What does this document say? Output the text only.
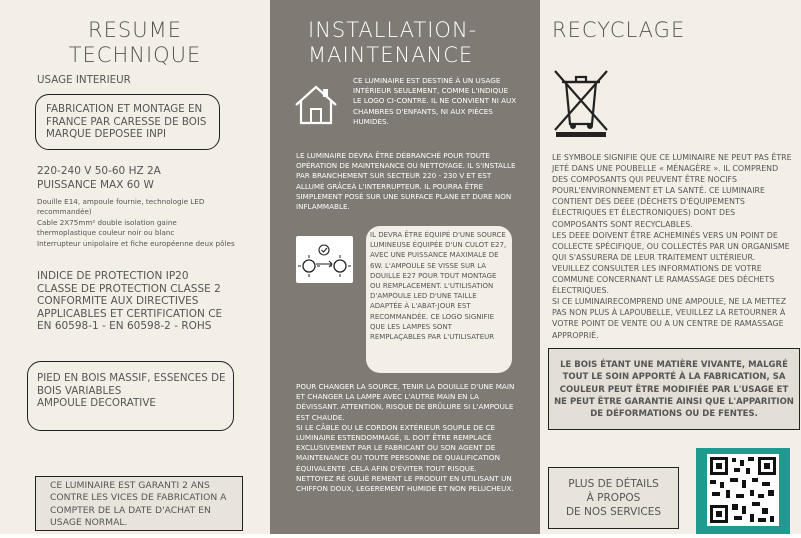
RESUME
TECHNIQUE
USAGE INTERIEUR
FABRICATION ET MONTAGE EN FRANCE PAR CARESSE DE BOIS MARQUE DEPOSEE INPI
220-240 V 50-60 HZ 2A
PUISSANCE MAX 60 W
Douille E14, ampoule fournie, technologie LED recommandée)
Cable 2X75mm² double isolation gaine thermoplastique couleur noir ou blanc
Interrupteur unipolaire et fiche européenne deux pôles
INDICE DE PROTECTION IP20
CLASSE DE PROTECTION CLASSE 2
CONFORMITE AUX DIRECTIVES APPLICABLES ET CERTIFICATION CE EN 60598-1 - EN 60598-2 - ROHS
PIED EN BOIS MASSIF, ESSENCES DE BOIS VARIABLES
AMPOULE DECORATIVE
CE LUMINAIRE EST GARANTI 2 ANS CONTRE LES VICES DE FABRICATION A COMPTER DE LA DATE D'ACHAT EN USAGE NORMAL.
INSTALLATION-
MAINTENANCE
CE LUMINAIRE EST DESTINÉ À UN USAGE INTÉRIEUR SEULEMENT, COMME L'INDIQUE LE LOGO CI-CONTRE. IL NE CONVIENT NI AUX CHAMBRES D'ENFANTS, NI AUX PIÈCES HUMIDES.
LE LUMINAIRE DEVRA ÊTRE DÉBRANCHÉ POUR TOUTE OPÉRATION DE MAINTENANCE OU NETTOYAGE. IL S'INSTALLE PAR BRANCHEMENT SUR SECTEUR 220 - 230 V ET EST ALLUMÉ GRÂCEÀ L'INTERRUPTEUR. IL POURRA ÊTRE SIMPLEMENT POSÉ SUR UNE SURFACE PLANE ET DURE NON INFLAMMABLE.
IL DEVRA ÊTRE ÉQUIPÉ D'UNE SOURCE LUMINEUSE ÉQUIPÉE D'UN CULOT E27, AVEC UNE PUISSANCE MAXIMALE DE 6W. L'AMPOULE SE VISSE SUR LA DOUILLE E27 POUR TOUT MONTAGE OU REMPLACEMENT. L'UTILISATION D'AMPOULE LED D'UNE TAILLE ADAPTÉE À L'ABAT-JOUR EST RECOMMANDÉE. CE LOGO SIGNIFIE QUE LES LAMPES SONT REMPLAÇABLES PAR L'UTILISATEUR
POUR CHANGER LA SOURCE, TENIR LA DOUILLE D'UNE MAIN ET CHANGER LA LAMPE AVEC L'AUTRE MAIN EN LA DÉVISSANT. ATTENTION, RISQUE DE BRÛLURE SI L'AMPOULE EST CHAUDE.
SI LE CÂBLE OU LE CORDON EXTÉRIEUR SOUPLE DE CE LUMINAIRE ESTENDOMMAGÉ, IL DOIT ÊTRE REMPLACÉ EXCLUSIVEMENT PAR LE FABRICANT OU SON AGENT DE MAINTENANCE OU TOUTE PERSONNE DE QUALIFICATION ÉQUIVALENTE ,CELA AFIN D'ÉVITER TOUT RISQUE. NETTOYEZ RÉ GULIÈ REMENT LE PRODUIT EN UTILISANT UN CHIFFON DOUX, LEGEREMENT HUMIDE ET NON PELUCHEUX.
RECYCLAGE
LE SYMBOLE SIGNIFIE QUE CE LUMINAIRE NE PEUT PAS ÊTRE JETÉ DANS UNE POUBELLE « MÉNAGÈRE ». IL COMPREND DES COMPOSANTS QUI PEUVENT ÊTRE NOCIFS POURL'ENVIRONNEMENT ET LA SANTÉ. CE LUMINAIRE CONTIENT DES DEEE (DÉCHETS D'ÉQUIPEMENTS ÉLECTRIQUES ET ÉLECTRONIQUES) DONT DES COMPOSANTS SONT RECYCLABLES.
LES DEEE DOIVENT ÊTRE ACHEMINÉS VERS UN POINT DE COLLECTE SPÉCIFIQUE, OU COLLECTÉS PAR UN ORGANISME QUI S'ASSURERA DE LEUR TRAITEMENT ULTÉRIEUR. VEUILLEZ CONSULTER LES INFORMATIONS DE VOTRE COMMUNE CONCERNANT LE RAMASSAGE DES DÉCHETS ÉLECTRIQUES.
SI CE LUMINAIRECOMPREND UNE AMPOULE, NE LA METTEZ PAS NON PLUS À LAPOUBELLE, VEUILLEZ LA RETOURNER À VOTRE POINT DE VENTE OU A UN CENTRE DE RAMASSAGE APPROPRIÉ.
LE BOIS ÉTANT UNE MATIÈRE VIVANTE, MALGRÉ TOUT LE SOIN APPORTÉ À LA FABRICATION, SA COULEUR PEUT ÊTRE MODIFIÉE PAR L'USAGE ET NE PEUT ÊTRE GARANTIE AINSI QUE L'APPARITION DE DÉFORMATIONS OU DE FENTES.
PLUS DE DÉTAILS
À PROPOS
DE NOS SERVICES
